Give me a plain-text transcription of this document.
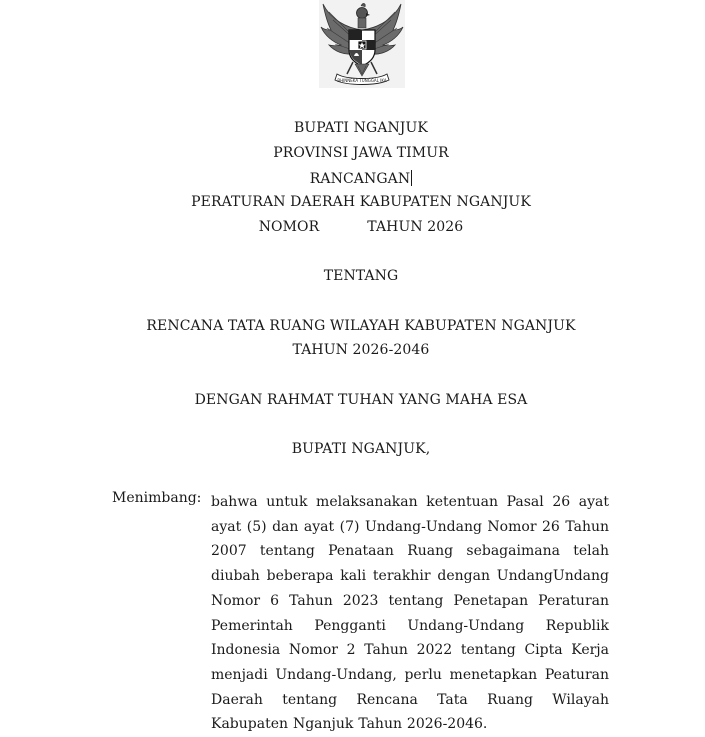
BHINNEKA TUNGGAL IKA
BUPATI NGANJUK
PROVINSI JAWA TIMUR
RANCANGAN
PERATURAN DAERAH KABUPATEN NGANJUK
NOMOR	TAHUN 2026
TENTANG
RENCANA TATA RUANG WILAYAH KABUPATEN NGANJUK
TAHUN 2026-2046
DENGAN RAHMAT TUHAN YANG MAHA ESA
BUPATI NGANJUK,
Menimbang: bahwa untuk melaksanakan ketentuan Pasal 26 ayat ayat (5) dan ayat (7) Undang-Undang Nomor 26 Tahun 2007 tentang Penataan Ruang sebagaimana telah diubah beberapa kali terakhir dengan UndangUndang Nomor 6 Tahun 2023 tentang Penetapan Peraturan Pemerintah Pengganti Undang-Undang Republik Indonesia Nomor 2 Tahun 2022 tentang Cipta Kerja menjadi Undang-Undang, perlu menetapkan Peaturan Daerah tentang Rencana Tata Ruang Wilayah Kabupaten Nganjuk Tahun 2026-2046.
